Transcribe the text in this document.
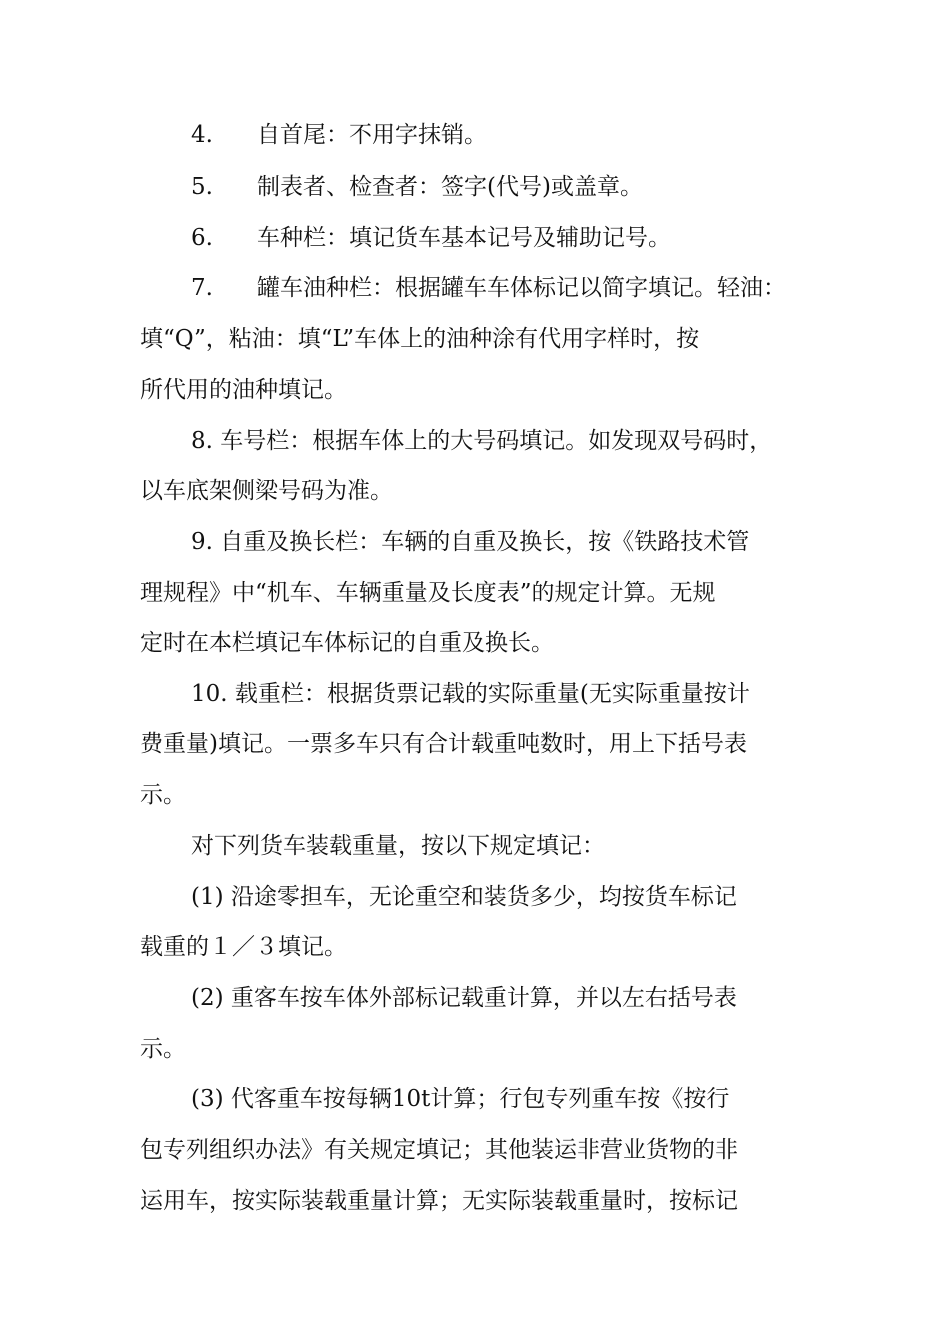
4. 自首尾：不用字抹销。
5. 制表者、检查者：签字(代号)或盖章。
6. 车种栏：填记货车基本记号及辅助记号。
7. 罐车油种栏：根据罐车车体标记以简字填记。轻油：
填“Q”，粘油：填“L”车体上的油种涂有代用字样时，按
所代用的油种填记。
8. 车号栏：根据车体上的大号码填记。如发现双号码时，
以车底架侧梁号码为准。
9. 自重及换长栏：车辆的自重及换长，按《铁路技术管
理规程》中“机车、车辆重量及长度表”的规定计算。无规
定时在本栏填记车体标记的自重及换长。
10. 载重栏：根据货票记载的实际重量(无实际重量按计
费重量)填记。一票多车只有合计载重吨数时，用上下括号表
示。
对下列货车装载重量，按以下规定填记：
(1) 沿途零担车，无论重空和装货多少，均按货车标记
载重的１／３填记。
(2) 重客车按车体外部标记载重计算，并以左右括号表
示。
(3) 代客重车按每辆10t计算；行包专列重车按《按行
包专列组织办法》有关规定填记；其他装运非营业货物的非
运用车，按实际装载重量计算；无实际装载重量时，按标记
